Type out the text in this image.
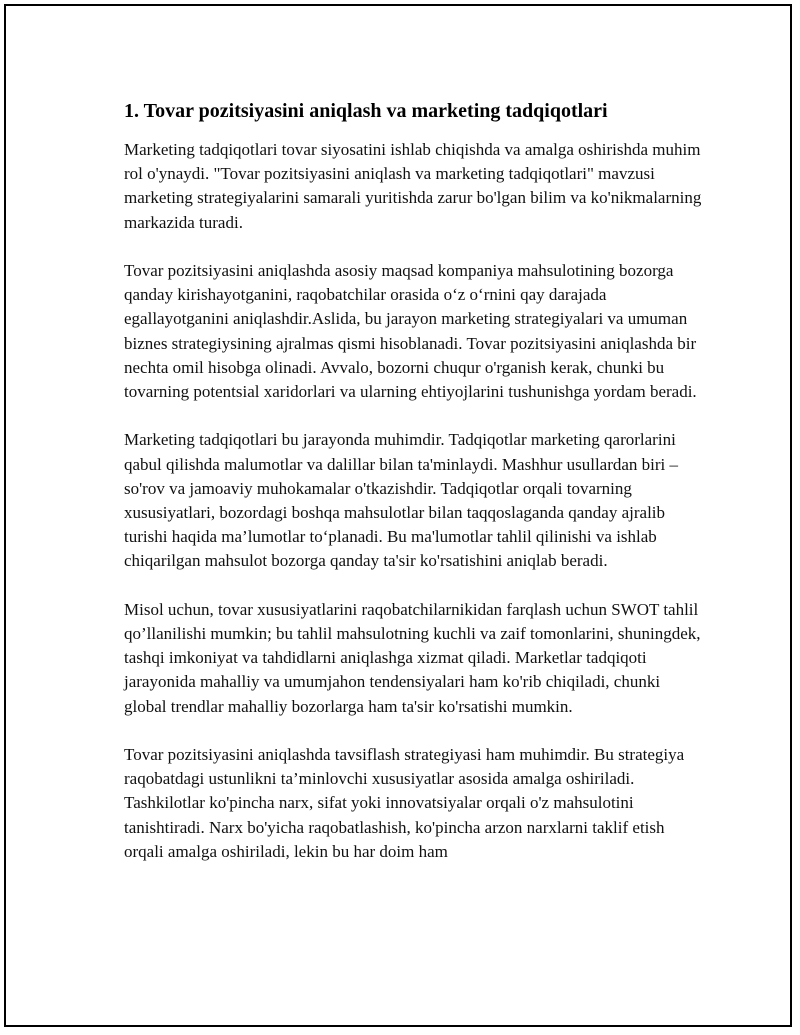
1. Tovar pozitsiyasini aniqlash va marketing tadqiqotlari

Marketing tadqiqotlari tovar siyosatini ishlab chiqishda va amalga oshirishda muhim rol o'ynaydi. "Tovar pozitsiyasini aniqlash va marketing tadqiqotlari" mavzusi marketing strategiyalarini samarali yuritishda zarur bo'lgan bilim va ko'nikmalarning markazida turadi.

Tovar pozitsiyasini aniqlashda asosiy maqsad kompaniya mahsulotining bozorga qanday kirishayotganini, raqobatchilar orasida o‘z o‘rnini qay darajada egallayotganini aniqlashdir.Aslida, bu jarayon marketing strategiyalari va umuman biznes strategiysining ajralmas qismi hisoblanadi. Tovar pozitsiyasini aniqlashda bir nechta omil hisobga olinadi. Avvalo, bozorni chuqur o'rganish kerak, chunki bu tovarning potentsial xaridorlari va ularning ehtiyojlarini tushunishga yordam beradi.

Marketing tadqiqotlari bu jarayonda muhimdir. Tadqiqotlar marketing qarorlarini qabul qilishda malumotlar va dalillar bilan ta'minlaydi. Mashhur usullardan biri – so'rov va jamoaviy muhokamalar o'tkazishdir. Tadqiqotlar orqali tovarning xususiyatlari, bozordagi boshqa mahsulotlar bilan taqqoslaganda qanday ajralib turishi haqida ma’lumotlar to‘planadi. Bu ma'lumotlar tahlil qilinishi va ishlab chiqarilgan mahsulot bozorga qanday ta'sir ko'rsatishini aniqlab beradi.

Misol uchun, tovar xususiyatlarini raqobatchilarnikidan farqlash uchun SWOT tahlil qo’llanilishi mumkin; bu tahlil mahsulotning kuchli va zaif tomonlarini, shuningdek, tashqi imkoniyat va tahdidlarni aniqlashga xizmat qiladi. Marketlar tadqiqoti jarayonida mahalliy va umumjahon tendensiyalari ham ko'rib chiqiladi, chunki global trendlar mahalliy bozorlarga ham ta'sir ko'rsatishi mumkin.

Tovar pozitsiyasini aniqlashda tavsiflash strategiyasi ham muhimdir. Bu strategiya raqobatdagi ustunlikni ta’minlovchi xususiyatlar asosida amalga oshiriladi. Tashkilotlar ko'pincha narx, sifat yoki innovatsiyalar orqali o'z mahsulotini tanishtiradi. Narx bo'yicha raqobatlashish, ko'pincha arzon narxlarni taklif etish orqali amalga oshiriladi, lekin bu har doim ham
